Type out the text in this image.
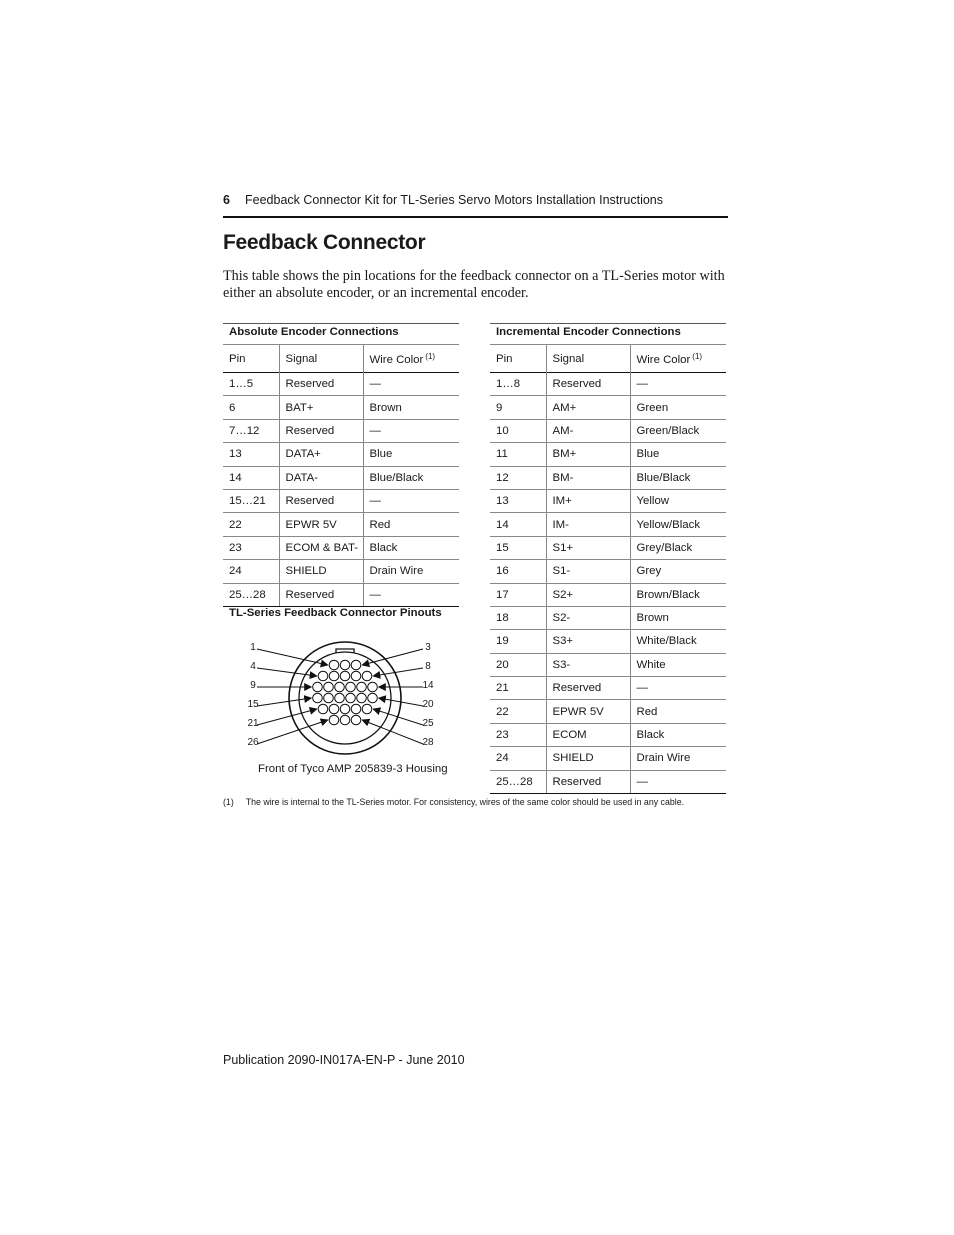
6 Feedback Connector Kit for TL-Series Servo Motors Installation Instructions
Feedback Connector

This table shows the pin locations for the feedback connector on a TL-Series motor with either an absolute encoder, or an incremental encoder.

Absolute Encoder Connections		
Pin	Signal	Wire Color $^{(1)}$
1…5	Reserved	—
6	BAT+	Brown
7…12	Reserved	—
13	DATA+	Blue
14	DATA-	Blue/Black
15…21	Reserved	—
22	EPWR 5V	Red
23	ECOM & BAT-	Black
24	SHIELD	Drain Wire
25…28	Reserved	—
Incremental Encoder Connections		
Pin	Signal	Wire Color $^{(1)}$
1…8	Reserved	—
9	AM+	Green
10	AM-	Green/Black
11	BM+	Blue
12	BM-	Blue/Black
13	IM+	Yellow
14	IM-	Yellow/Black
15	S1+	Grey/Black
16	S1-	Grey
17	S2+	Brown/Black
18	S2-	Brown
19	S3+	White/Black
20	S3-	White
21	Reserved	—
22	EPWR 5V	Red
23	ECOM	Black
24	SHIELD	Drain Wire
25…28	Reserved	—
TL-Series Feedback Connector Pinouts
1
4
9
15
21
26
3
8
14
20
25
28
Front of Tyco AMP 205839-3 Housing
(1) The wire is internal to the TL-Series motor. For consistency, wires of the same color should be used in any cable.
Publication 2090-IN017A-EN-P - June 2010
